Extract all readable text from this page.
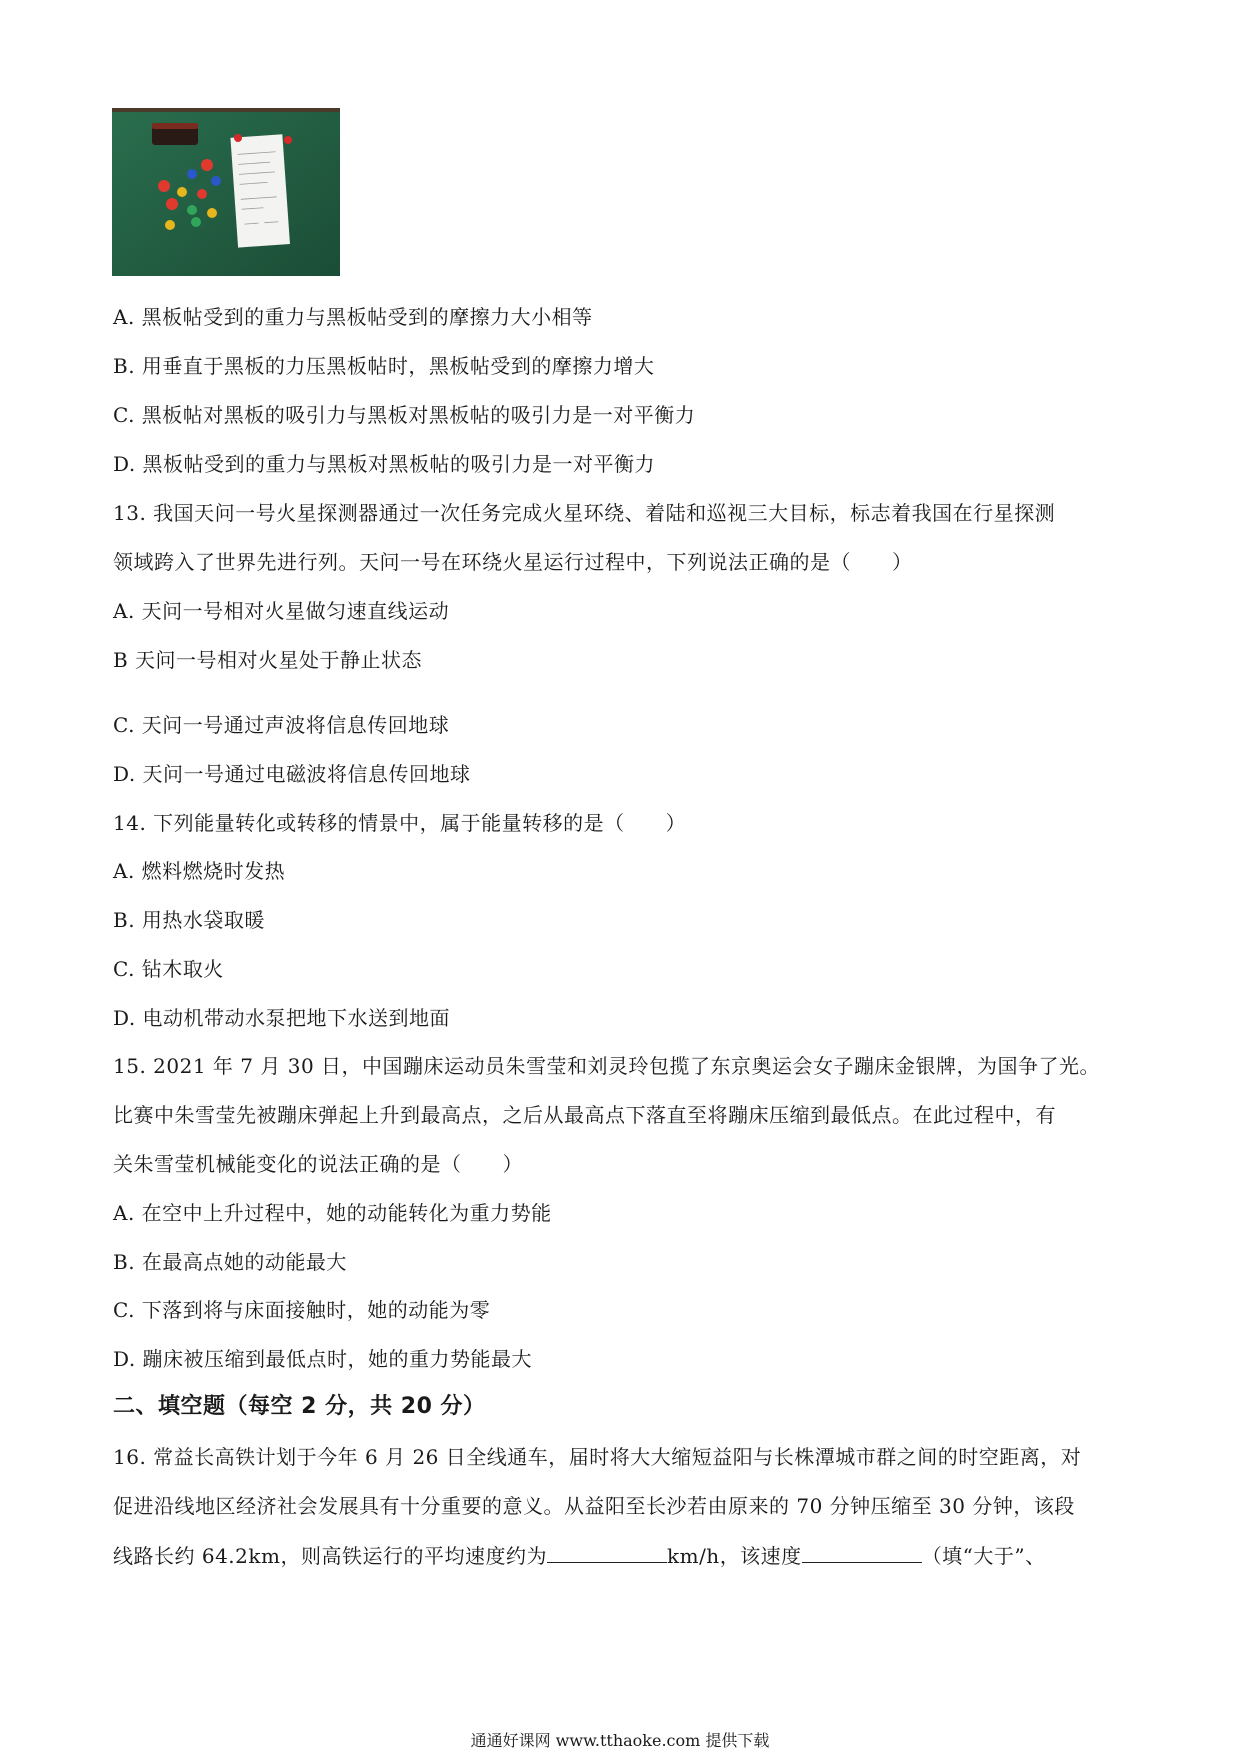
A. 黑板帖受到的重力与黑板帖受到的摩擦力大小相等
B. 用垂直于黑板的力压黑板帖时，黑板帖受到的摩擦力增大
C. 黑板帖对黑板的吸引力与黑板对黑板帖的吸引力是一对平衡力
D. 黑板帖受到的重力与黑板对黑板帖的吸引力是一对平衡力
13. 我国天问一号火星探测器通过一次任务完成火星环绕、着陆和巡视三大目标，标志着我国在行星探测
领域跨入了世界先进行列。天问一号在环绕火星运行过程中，下列说法正确的是（　　）
A. 天问一号相对火星做匀速直线运动
B 天问一号相对火星处于静止状态
C. 天问一号通过声波将信息传回地球
D. 天问一号通过电磁波将信息传回地球
14. 下列能量转化或转移的情景中，属于能量转移的是（　　）
A. 燃料燃烧时发热
B. 用热水袋取暖
C. 钻木取火
D. 电动机带动水泵把地下水送到地面
15. 2021 年 7 月 30 日，中国蹦床运动员朱雪莹和刘灵玲包揽了东京奥运会女子蹦床金银牌，为国争了光。
比赛中朱雪莹先被蹦床弹起上升到最高点，之后从最高点下落直至将蹦床压缩到最低点。在此过程中，有
关朱雪莹机械能变化的说法正确的是（　　）
A. 在空中上升过程中，她的动能转化为重力势能
B. 在最高点她的动能最大
C. 下落到将与床面接触时，她的动能为零
D. 蹦床被压缩到最低点时，她的重力势能最大
二、填空题（每空 2 分，共 20 分）
16. 常益长高铁计划于今年 6 月 26 日全线通车，届时将大大缩短益阳与长株潭城市群之间的时空距离，对
促进沿线地区经济社会发展具有十分重要的意义。从益阳至长沙若由原来的 70 分钟压缩至 30 分钟，该段
线路长约 64.2km，则高铁运行的平均速度约为	km/h，该速度	（填“大于”、
通通好课网 www.tthaoke.com 提供下载
